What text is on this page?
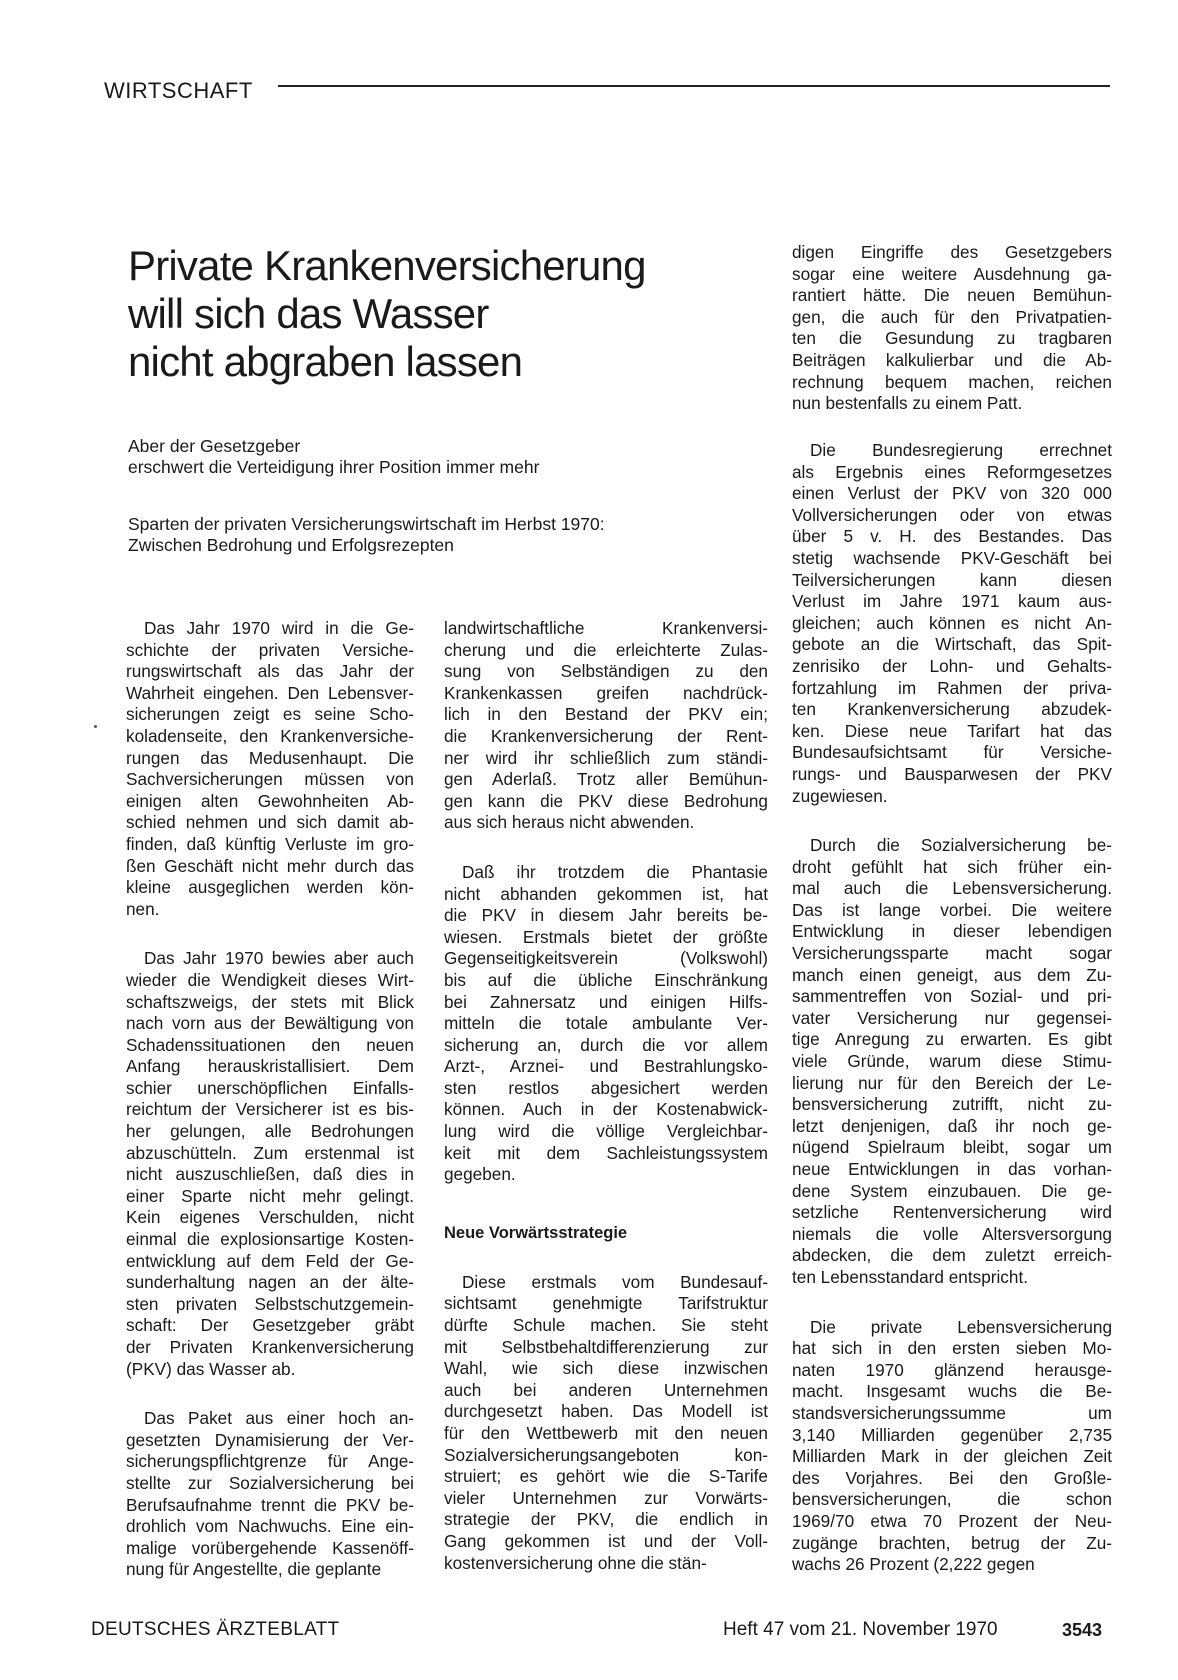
WIRTSCHAFT
Private Krankenversicherung
will sich das Wasser
nicht abgraben lassen
Aber der Gesetzgeber
erschwert die Verteidigung ihrer Position immer mehr
Sparten der privaten Versicherungswirtschaft im Herbst 1970:
Zwischen Bedrohung und Erfolgsrezepten

Das Jahr 1970 wird in die Ge-
schichte der privaten Versiche-
rungswirtschaft als das Jahr der
Wahrheit eingehen. Den Lebensver-
sicherungen zeigt es seine Scho-
koladenseite, den Krankenversiche-
rungen das Medusenhaupt. Die
Sachversicherungen müssen von
einigen alten Gewohnheiten Ab-
schied nehmen und sich damit ab-
finden, daß künftig Verluste im gro-
ßen Geschäft nicht mehr durch das
kleine ausgeglichen werden kön-
nen.

Das Jahr 1970 bewies aber auch
wieder die Wendigkeit dieses Wirt-
schaftszweigs, der stets mit Blick
nach vorn aus der Bewältigung von
Schadenssituationen den neuen
Anfang herauskristallisiert. Dem
schier unerschöpflichen Einfalls-
reichtum der Versicherer ist es bis-
her gelungen, alle Bedrohungen
abzuschütteln. Zum erstenmal ist
nicht auszuschließen, daß dies in
einer Sparte nicht mehr gelingt.
Kein eigenes Verschulden, nicht
einmal die explosionsartige Kosten-
entwicklung auf dem Feld der Ge-
sunderhaltung nagen an der älte-
sten privaten Selbstschutzgemein-
schaft: Der Gesetzgeber gräbt
der Privaten Krankenversicherung
(PKV) das Wasser ab.

Das Paket aus einer hoch an-
gesetzten Dynamisierung der Ver-
sicherungspflichtgrenze für Ange-
stellte zur Sozialversicherung bei
Berufsaufnahme trennt die PKV be-
drohlich vom Nachwuchs. Eine ein-
malige vorübergehende Kassenöff-
nung für Angestellte, die geplante

landwirtschaftliche Krankenversi-
cherung und die erleichterte Zulas-
sung von Selbständigen zu den
Krankenkassen greifen nachdrück-
lich in den Bestand der PKV ein;
die Krankenversicherung der Rent-
ner wird ihr schließlich zum ständi-
gen Aderlaß. Trotz aller Bemühun-
gen kann die PKV diese Bedrohung
aus sich heraus nicht abwenden.

Daß ihr trotzdem die Phantasie
nicht abhanden gekommen ist, hat
die PKV in diesem Jahr bereits be-
wiesen. Erstmals bietet der größte
Gegenseitigkeitsverein (Volkswohl)
bis auf die übliche Einschränkung
bei Zahnersatz und einigen Hilfs-
mitteln die totale ambulante Ver-
sicherung an, durch die vor allem
Arzt-, Arznei- und Bestrahlungsko-
sten restlos abgesichert werden
können. Auch in der Kostenabwick-
lung wird die völlige Vergleichbar-
keit mit dem Sachleistungssystem
gegeben.

Neue Vorwärtsstrategie

Diese erstmals vom Bundesauf-
sichtsamt genehmigte Tarifstruktur
dürfte Schule machen. Sie steht
mit Selbstbehaltdifferenzierung zur
Wahl, wie sich diese inzwischen
auch bei anderen Unternehmen
durchgesetzt haben. Das Modell ist
für den Wettbewerb mit den neuen
Sozialversicherungsangeboten kon-
struiert; es gehört wie die S-Tarife
vieler Unternehmen zur Vorwärts-
strategie der PKV, die endlich in
Gang gekommen ist und der Voll-
kostenversicherung ohne die stän-

digen Eingriffe des Gesetzgebers
sogar eine weitere Ausdehnung ga-
rantiert hätte. Die neuen Bemühun-
gen, die auch für den Privatpatien-
ten die Gesundung zu tragbaren
Beiträgen kalkulierbar und die Ab-
rechnung bequem machen, reichen
nun bestenfalls zu einem Patt.

Die Bundesregierung errechnet
als Ergebnis eines Reformgesetzes
einen Verlust der PKV von 320 000
Vollversicherungen oder von etwas
über 5 v. H. des Bestandes. Das
stetig wachsende PKV-Geschäft bei
Teilversicherungen kann diesen
Verlust im Jahre 1971 kaum aus-
gleichen; auch können es nicht An-
gebote an die Wirtschaft, das Spit-
zenrisiko der Lohn- und Gehalts-
fortzahlung im Rahmen der priva-
ten Krankenversicherung abzudek-
ken. Diese neue Tarifart hat das
Bundesaufsichtsamt für Versiche-
rungs- und Bausparwesen der PKV
zugewiesen.

Durch die Sozialversicherung be-
droht gefühlt hat sich früher ein-
mal auch die Lebensversicherung.
Das ist lange vorbei. Die weitere
Entwicklung in dieser lebendigen
Versicherungssparte macht sogar
manch einen geneigt, aus dem Zu-
sammentreffen von Sozial- und pri-
vater Versicherung nur gegensei-
tige Anregung zu erwarten. Es gibt
viele Gründe, warum diese Stimu-
lierung nur für den Bereich der Le-
bensversicherung zutrifft, nicht zu-
letzt denjenigen, daß ihr noch ge-
nügend Spielraum bleibt, sogar um
neue Entwicklungen in das vorhan-
dene System einzubauen. Die ge-
setzliche Rentenversicherung wird
niemals die volle Altersversorgung
abdecken, die dem zuletzt erreich-
ten Lebensstandard entspricht.

Die private Lebensversicherung
hat sich in den ersten sieben Mo-
naten 1970 glänzend herausge-
macht. Insgesamt wuchs die Be-
standsversicherungssumme um
3,140 Milliarden gegenüber 2,735
Milliarden Mark in der gleichen Zeit
des Vorjahres. Bei den Großle-
bensversicherungen, die schon
1969/70 etwa 70 Prozent der Neu-
zugänge brachten, betrug der Zu-
wachs 26 Prozent (2,222 gegen

DEUTSCHES ÄRZTEBLATT	Heft 47 vom 21. November 1970	3543
